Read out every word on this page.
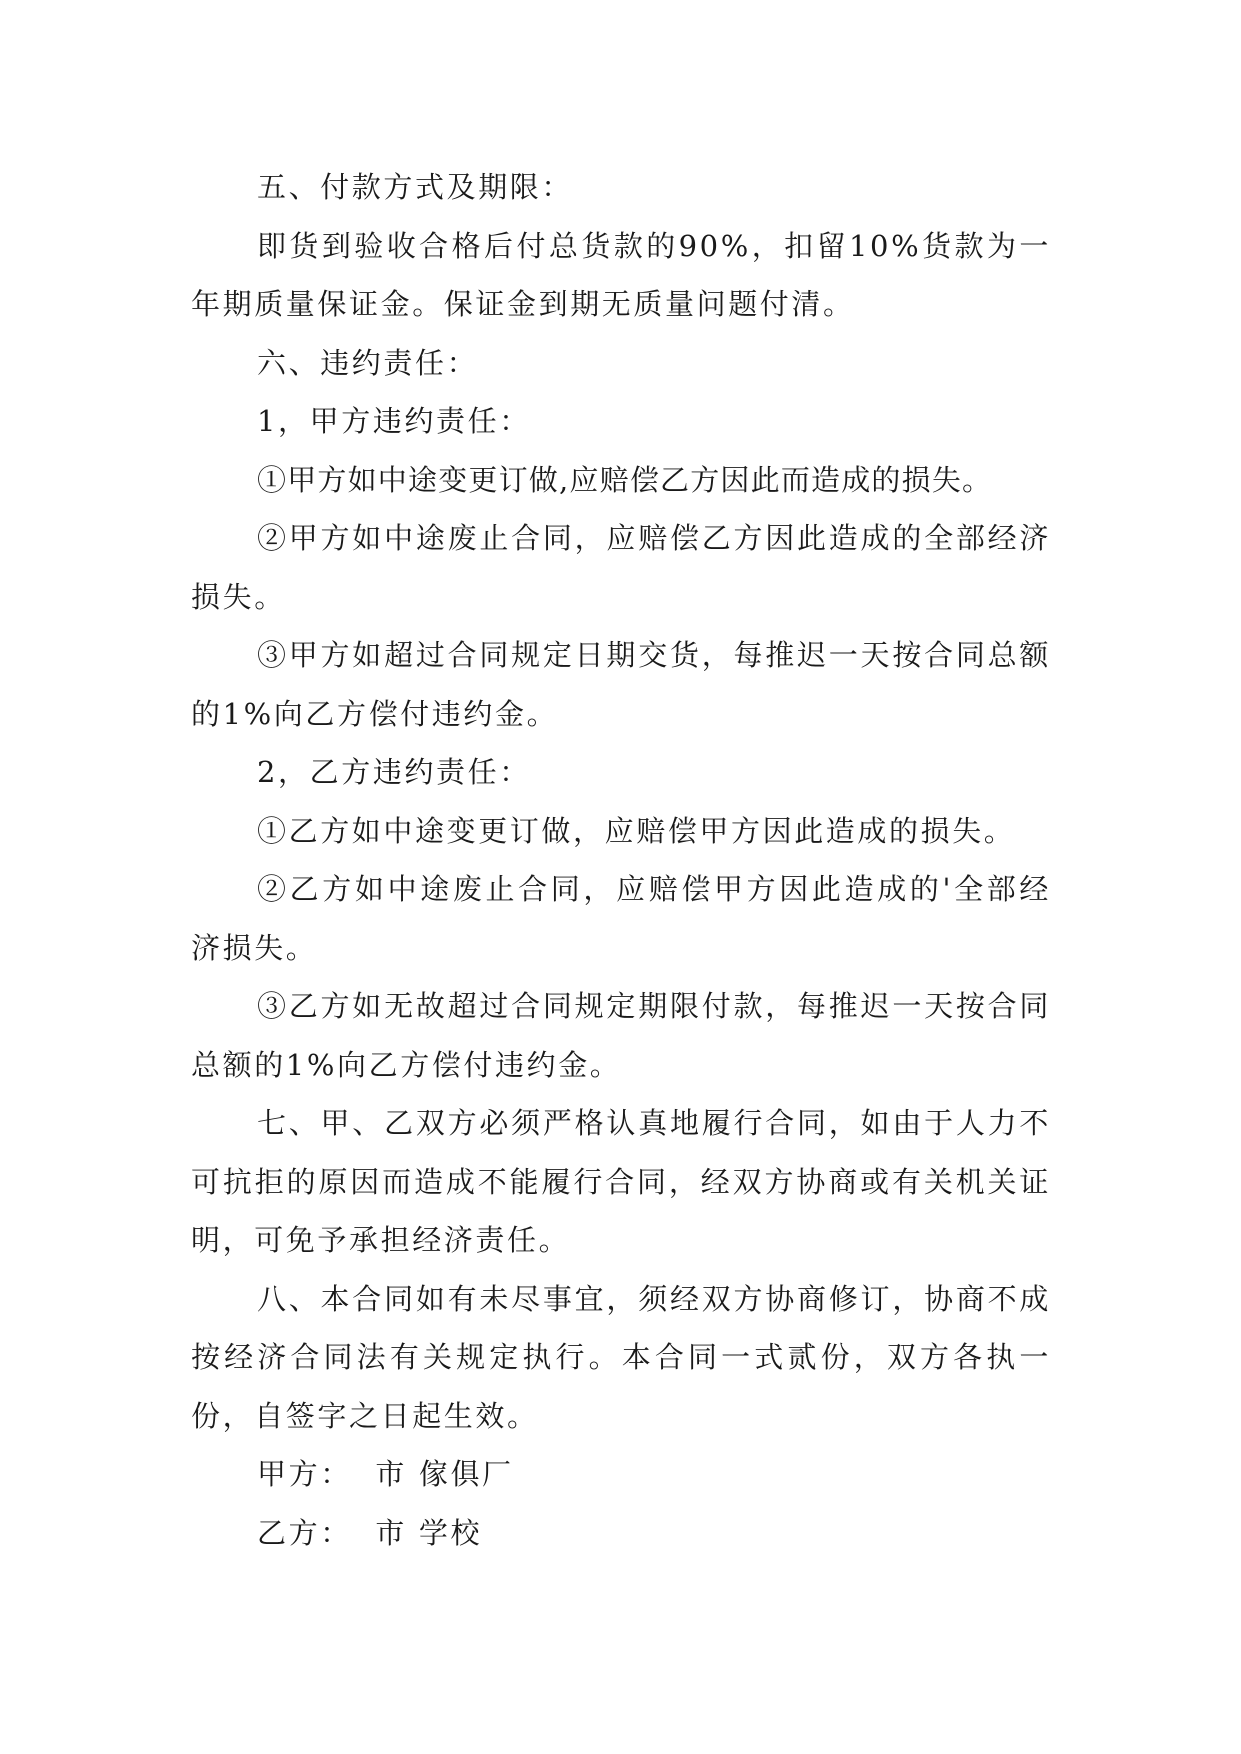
五、付款方式及期限：

即货到验收合格后付总货款的90%，扣留10%货款为一年期质量保证金。保证金到期无质量问题付清。

六、违约责任：

1，甲方违约责任：

①甲方如中途变更订做,应赔偿乙方因此而造成的损失。

②甲方如中途废止合同，应赔偿乙方因此造成的全部经济损失。

③甲方如超过合同规定日期交货，每推迟一天按合同总额的1%向乙方偿付违约金。

2，乙方违约责任：

①乙方如中途变更订做，应赔偿甲方因此造成的损失。

②乙方如中途废止合同，应赔偿甲方因此造成的'全部经济损失。

③乙方如无故超过合同规定期限付款，每推迟一天按合同总额的1%向乙方偿付违约金。

七、甲、乙双方必须严格认真地履行合同，如由于人力不可抗拒的原因而造成不能履行合同，经双方协商或有关机关证明，可免予承担经济责任。

八、本合同如有未尽事宜，须经双方协商修订，协商不成按经济合同法有关规定执行。本合同一式贰份，双方各执一份，自签字之日起生效。

甲方：  市 傢俱厂

乙方：  市 学校
